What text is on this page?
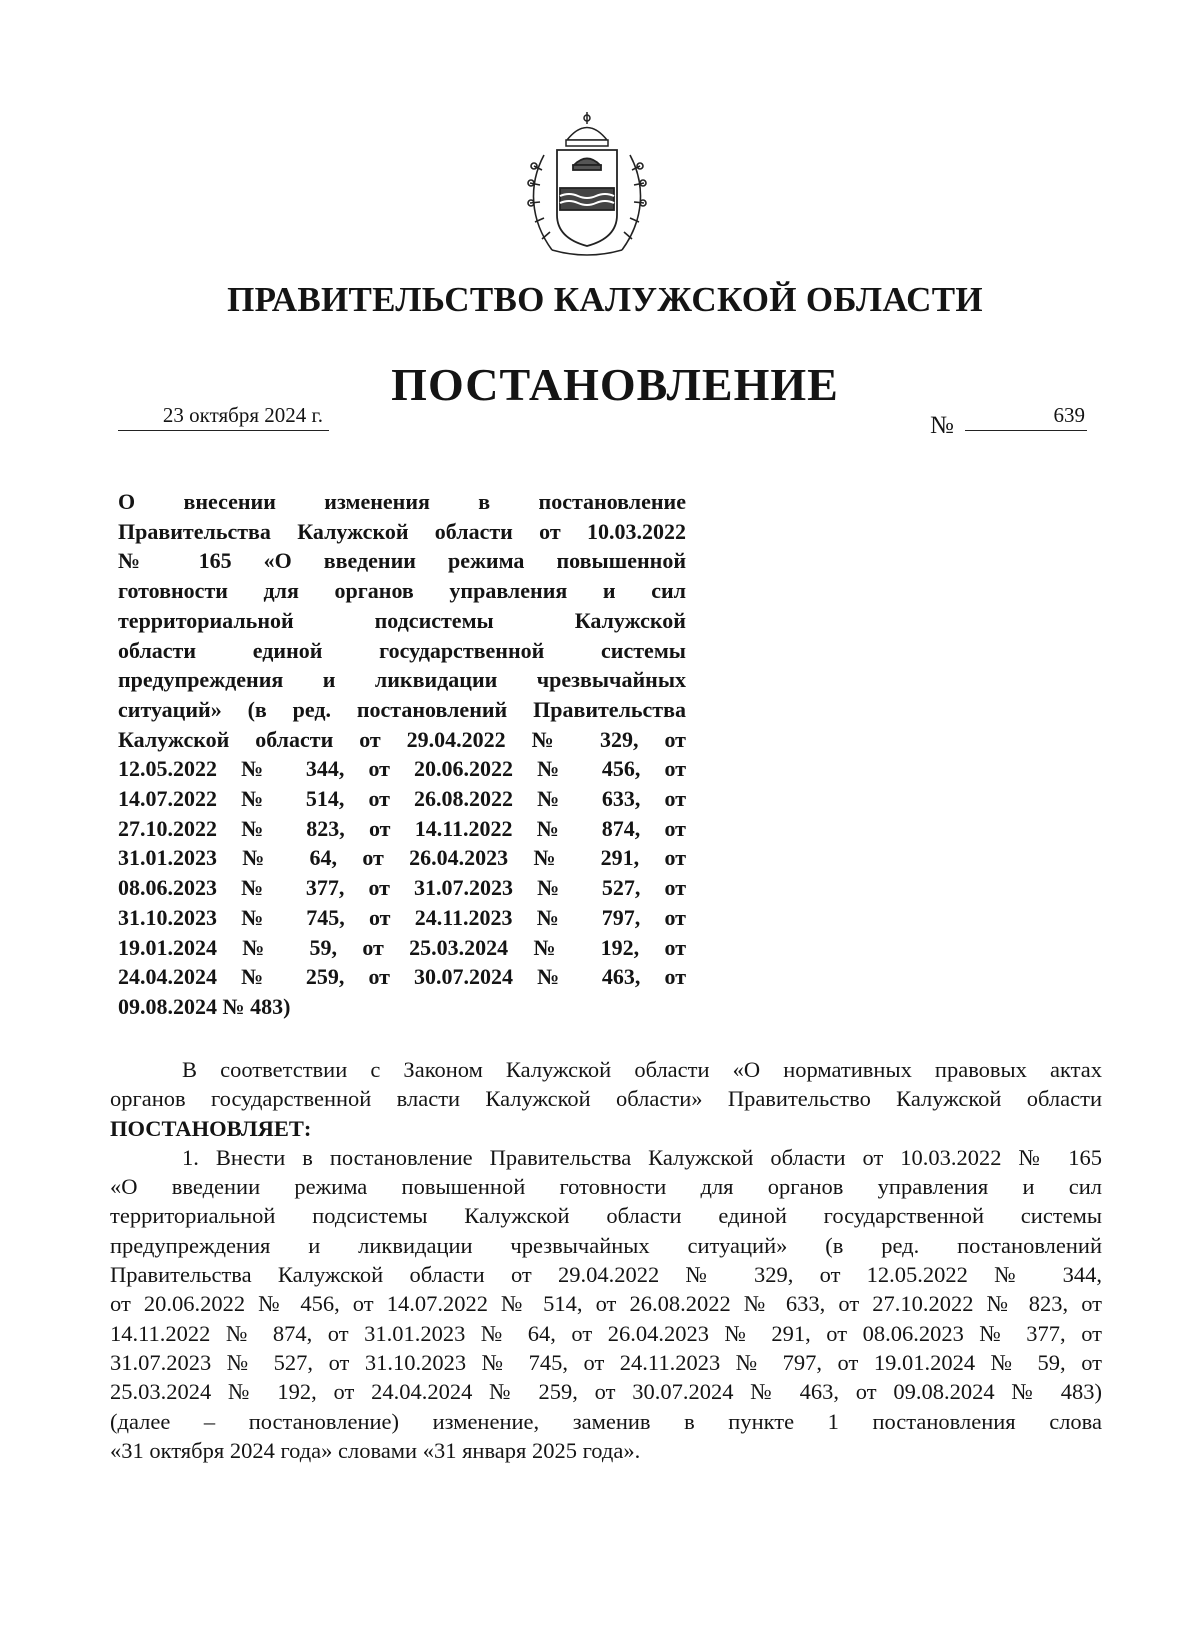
ПРАВИТЕЛЬСТВО КАЛУЖСКОЙ ОБЛАСТИ
ПОСТАНОВЛЕНИЕ
23 октября 2024 г.	№	639
О внесении изменения в постановление
Правительства Калужской области от 10.03.2022
№ 165 «О введении режима повышенной
готовности для органов управления и сил
территориальной подсистемы Калужской
области единой государственной системы
предупреждения и ликвидации чрезвычайных
ситуаций» (в ред. постановлений Правительства
Калужской области от 29.04.2022 № 329, от
12.05.2022 № 344, от 20.06.2022 № 456, от
14.07.2022 № 514, от 26.08.2022 № 633, от
27.10.2022 № 823, от 14.11.2022 № 874, от
31.01.2023 № 64, от 26.04.2023 № 291, от
08.06.2023 № 377, от 31.07.2023 № 527, от
31.10.2023 № 745, от 24.11.2023 № 797, от
19.01.2024 № 59, от 25.03.2024 № 192, от
24.04.2024 № 259, от 30.07.2024 № 463, от
09.08.2024 № 483)
В соответствии с Законом Калужской области «О нормативных правовых актах
органов государственной власти Калужской области» Правительство Калужской области
ПОСТАНОВЛЯЕТ:
1. Внести в постановление Правительства Калужской области от 10.03.2022 № 165
«О введении режима повышенной готовности для органов управления и сил
территориальной подсистемы Калужской области единой государственной системы
предупреждения и ликвидации чрезвычайных ситуаций» (в ред. постановлений
Правительства Калужской области от 29.04.2022 № 329, от 12.05.2022 № 344,
от 20.06.2022 № 456, от 14.07.2022 № 514, от 26.08.2022 № 633, от 27.10.2022 № 823, от
14.11.2022 № 874, от 31.01.2023 № 64, от 26.04.2023 № 291, от 08.06.2023 № 377, от
31.07.2023 № 527, от 31.10.2023 № 745, от 24.11.2023 № 797, от 19.01.2024 № 59, от
25.03.2024 № 192, от 24.04.2024 № 259, от 30.07.2024 № 463, от 09.08.2024 № 483)
(далее – постановление) изменение, заменив в пункте 1 постановления слова
«31 октября 2024 года» словами «31 января 2025 года».
